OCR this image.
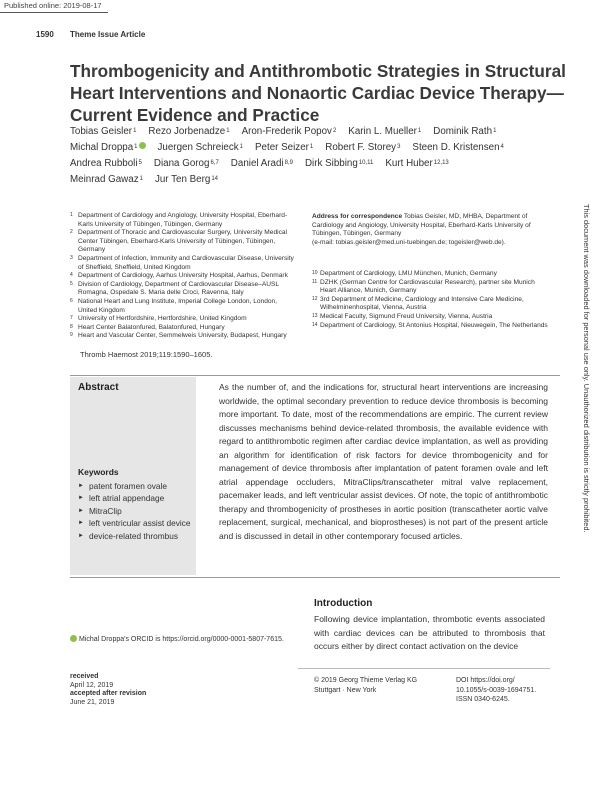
Published online: 2019-08-17
1590 Theme Issue Article
Thrombogenicity and Antithrombotic Strategies in Structural Heart Interventions and Nonaortic Cardiac Device Therapy—Current Evidence and Practice
Tobias Geisler$^1$ Rezo Jorbenadze$^1$ Aron-Frederik Popov$^2$ Karin L. Mueller$^1$ Dominik Rath$^1$
Michal Droppa$^1$ Juergen Schreieck$^1$ Peter Seizer$^1$ Robert F. Storey$^3$ Steen D. Kristensen$^4$
Andrea Rubboli$^5$ Diana Gorog$^{6,7}$ Daniel Aradi$^{8,9}$ Dirk Sibbing$^{10,11}$ Kurt Huber$^{12,13}$
Meinrad Gawaz$^1$ Jur Ten Berg$^{14}$
1 Department of Cardiology and Angiology, University Hospital, Eberhard-Karls University of Tübingen, Tübingen, Germany
2 Department of Thoracic and Cardiovascular Surgery, University Medical Center Tübingen, Eberhard-Karls University of Tübingen, Tübingen, Germany
3 Department of Infection, Immunity and Cardiovascular Disease, University of Sheffield, Sheffield, United Kingdom
4 Department of Cardiology, Aarhus University Hospital, Aarhus, Denmark
5 Division of Cardiology, Department of Cardiovascular Disease–AUSL Romagna, Ospedale S. Maria delle Croci, Ravenna, Italy
6 National Heart and Lung Institute, Imperial College London, London, United Kingdom
7 University of Hertfordshire, Hertfordshire, United Kingdom
8 Heart Center Balatonfured, Balatonfured, Hungary
9 Heart and Vascular Center, Semmelweis University, Budapest, Hungary
Address for correspondence Tobias Geisler, MD, MHBA, Department of Cardiology and Angiology, University Hospital, Eberhard-Karls University of Tübingen, Tübingen, Germany
(e-mail: tobias.geisler@med.uni-tuebingen.de; togeisler@web.de).
10 Department of Cardiology, LMU München, Munich, Germany
11 DZHK (German Centre for Cardiovascular Research), partner site Munich Heart Alliance, Munich, Germany
12 3rd Department of Medicine, Cardiology and Intensive Care Medicine, Wilhelminenhospital, Vienna, Austria
13 Medical Faculty, Sigmund Freud University, Vienna, Austria
14 Department of Cardiology, St Antonius Hospital, Nieuwegein, The Netherlands
Thromb Haemost 2019;119:1590–1605.
Abstract
Keywords
► patent foramen ovale
► left atrial appendage
► MitraClip
► left ventricular assist device
► device-related thrombus
As the number of, and the indications for, structural heart interventions are increasing worldwide, the optimal secondary prevention to reduce device thrombosis is becoming more important. To date, most of the recommendations are empiric. The current review discusses mechanisms behind device-related thrombosis, the available evidence with regard to antithrombotic regimen after cardiac device implantation, as well as providing an algorithm for identification of risk factors for device thrombogenicity and for management of device thrombosis after implantation of patent foramen ovale and left atrial appendage occluders, MitraClips/transcatheter mitral valve replacement, pacemaker leads, and left ventricular assist devices. Of note, the topic of antithrombotic therapy and thrombogenicity of prostheses in aortic position (transcatheter aortic valve replacement, surgical, mechanical, and bioprostheses) is not part of the present article and is discussed in detail in other contemporary focused articles.
Introduction
Following device implantation, thrombotic events associated with cardiac devices can be attributed to thrombosis that occurs either by direct contact activation on the device
Michal Droppa's ORCID is https://orcid.org/0000-0001-5807-7615.
received
April 12, 2019
accepted after revision
June 21, 2019
© 2019 Georg Thieme Verlag KG
Stuttgart · New York
DOI https://doi.org/
10.1055/s-0039-1694751.
ISSN 0340-6245.
This document was downloaded for personal use only. Unauthorized distribution is strictly prohibited.
